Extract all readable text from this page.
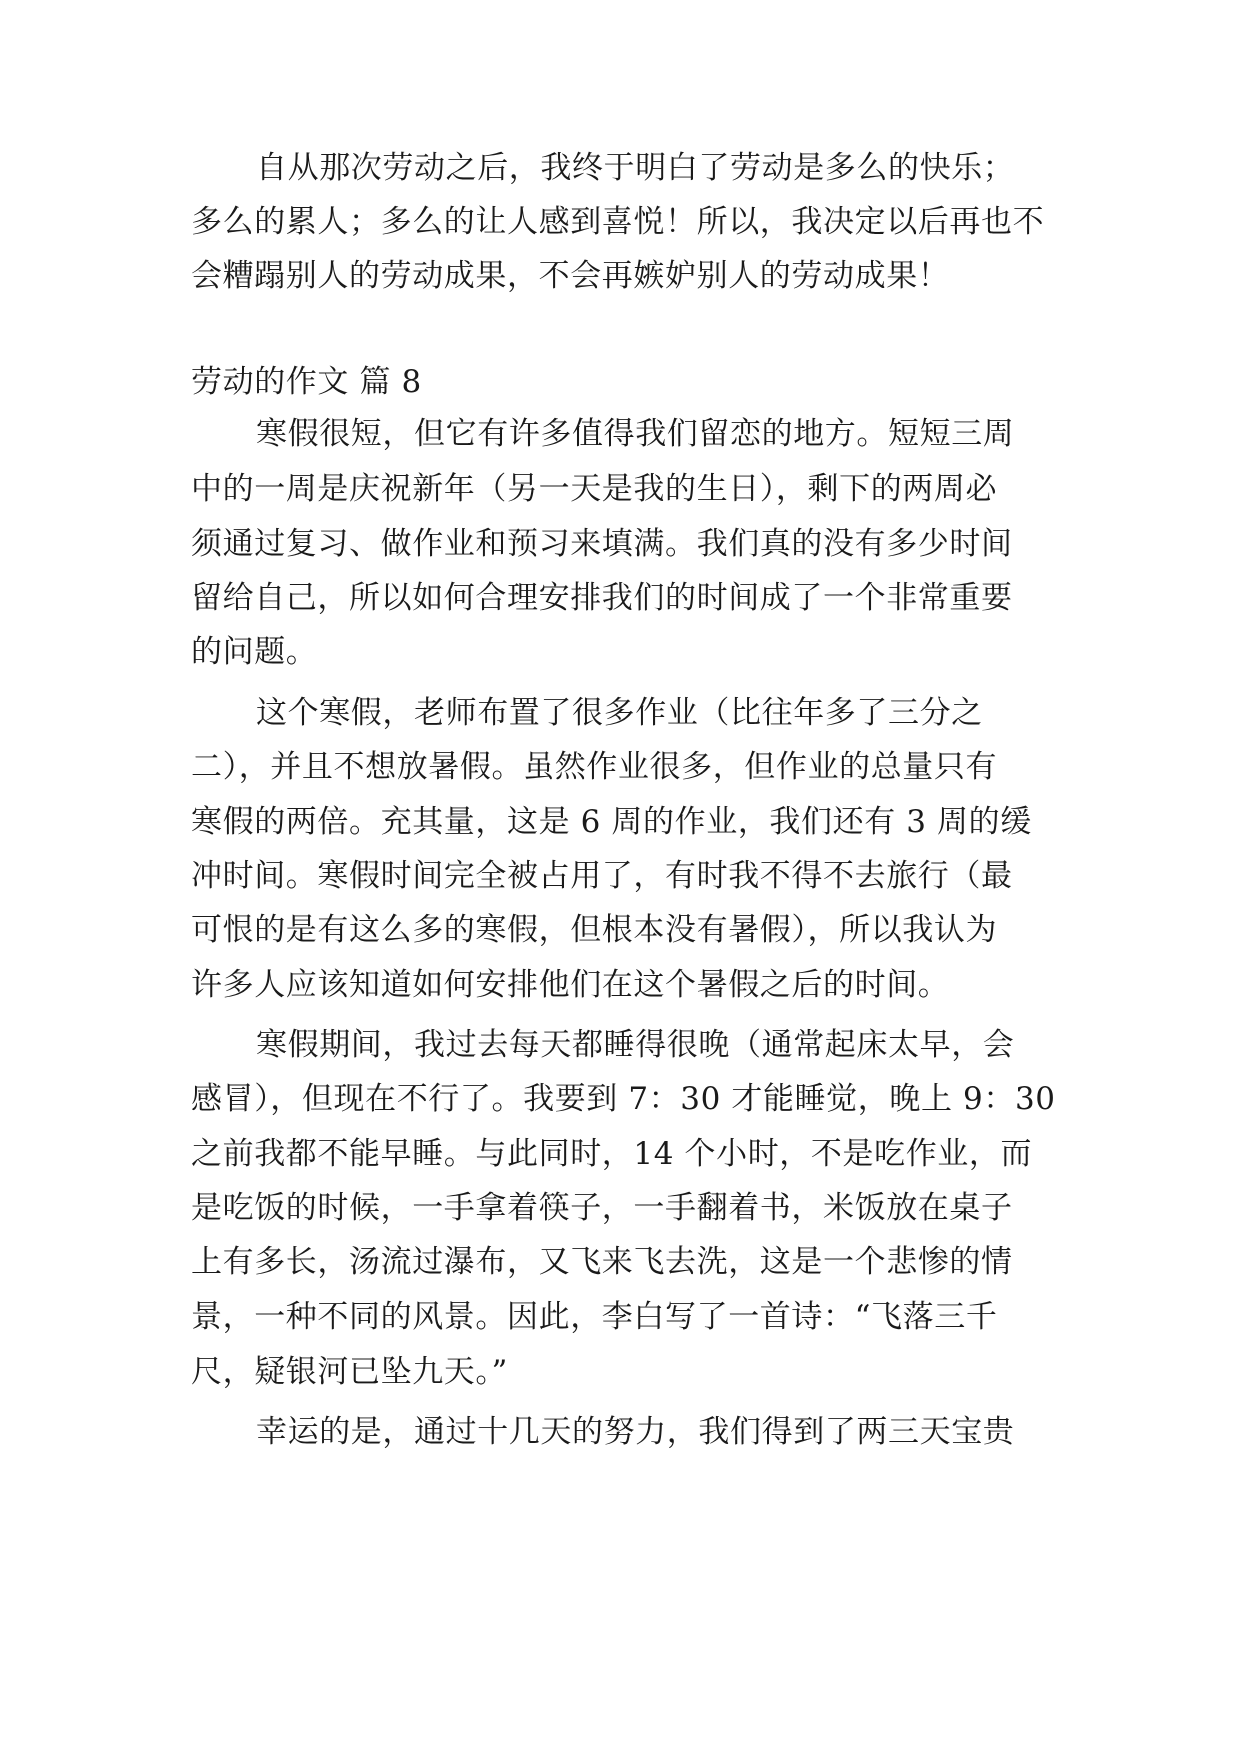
自从那次劳动之后，我终于明白了劳动是多么的快乐；
多么的累人；多么的让人感到喜悦！所以，我决定以后再也不
会糟蹋别人的劳动成果，不会再嫉妒别人的劳动成果！
劳动的作文 篇 8
寒假很短，但它有许多值得我们留恋的地方。短短三周
中的一周是庆祝新年（另一天是我的生日），剩下的两周必
须通过复习、做作业和预习来填满。我们真的没有多少时间
留给自己，所以如何合理安排我们的时间成了一个非常重要
的问题。
这个寒假，老师布置了很多作业（比往年多了三分之
二），并且不想放暑假。虽然作业很多，但作业的总量只有
寒假的两倍。充其量，这是 6 周的作业，我们还有 3 周的缓
冲时间。寒假时间完全被占用了，有时我不得不去旅行（最
可恨的是有这么多的寒假，但根本没有暑假），所以我认为
许多人应该知道如何安排他们在这个暑假之后的时间。
寒假期间，我过去每天都睡得很晚（通常起床太早，会
感冒），但现在不行了。我要到 7：30 才能睡觉，晚上 9：30
之前我都不能早睡。与此同时，14 个小时，不是吃作业，而
是吃饭的时候，一手拿着筷子，一手翻着书，米饭放在桌子
上有多长，汤流过瀑布，又飞来飞去洗，这是一个悲惨的情
景，一种不同的风景。因此，李白写了一首诗：“飞落三千
尺，疑银河已坠九天。”
幸运的是，通过十几天的努力，我们得到了两三天宝贵
